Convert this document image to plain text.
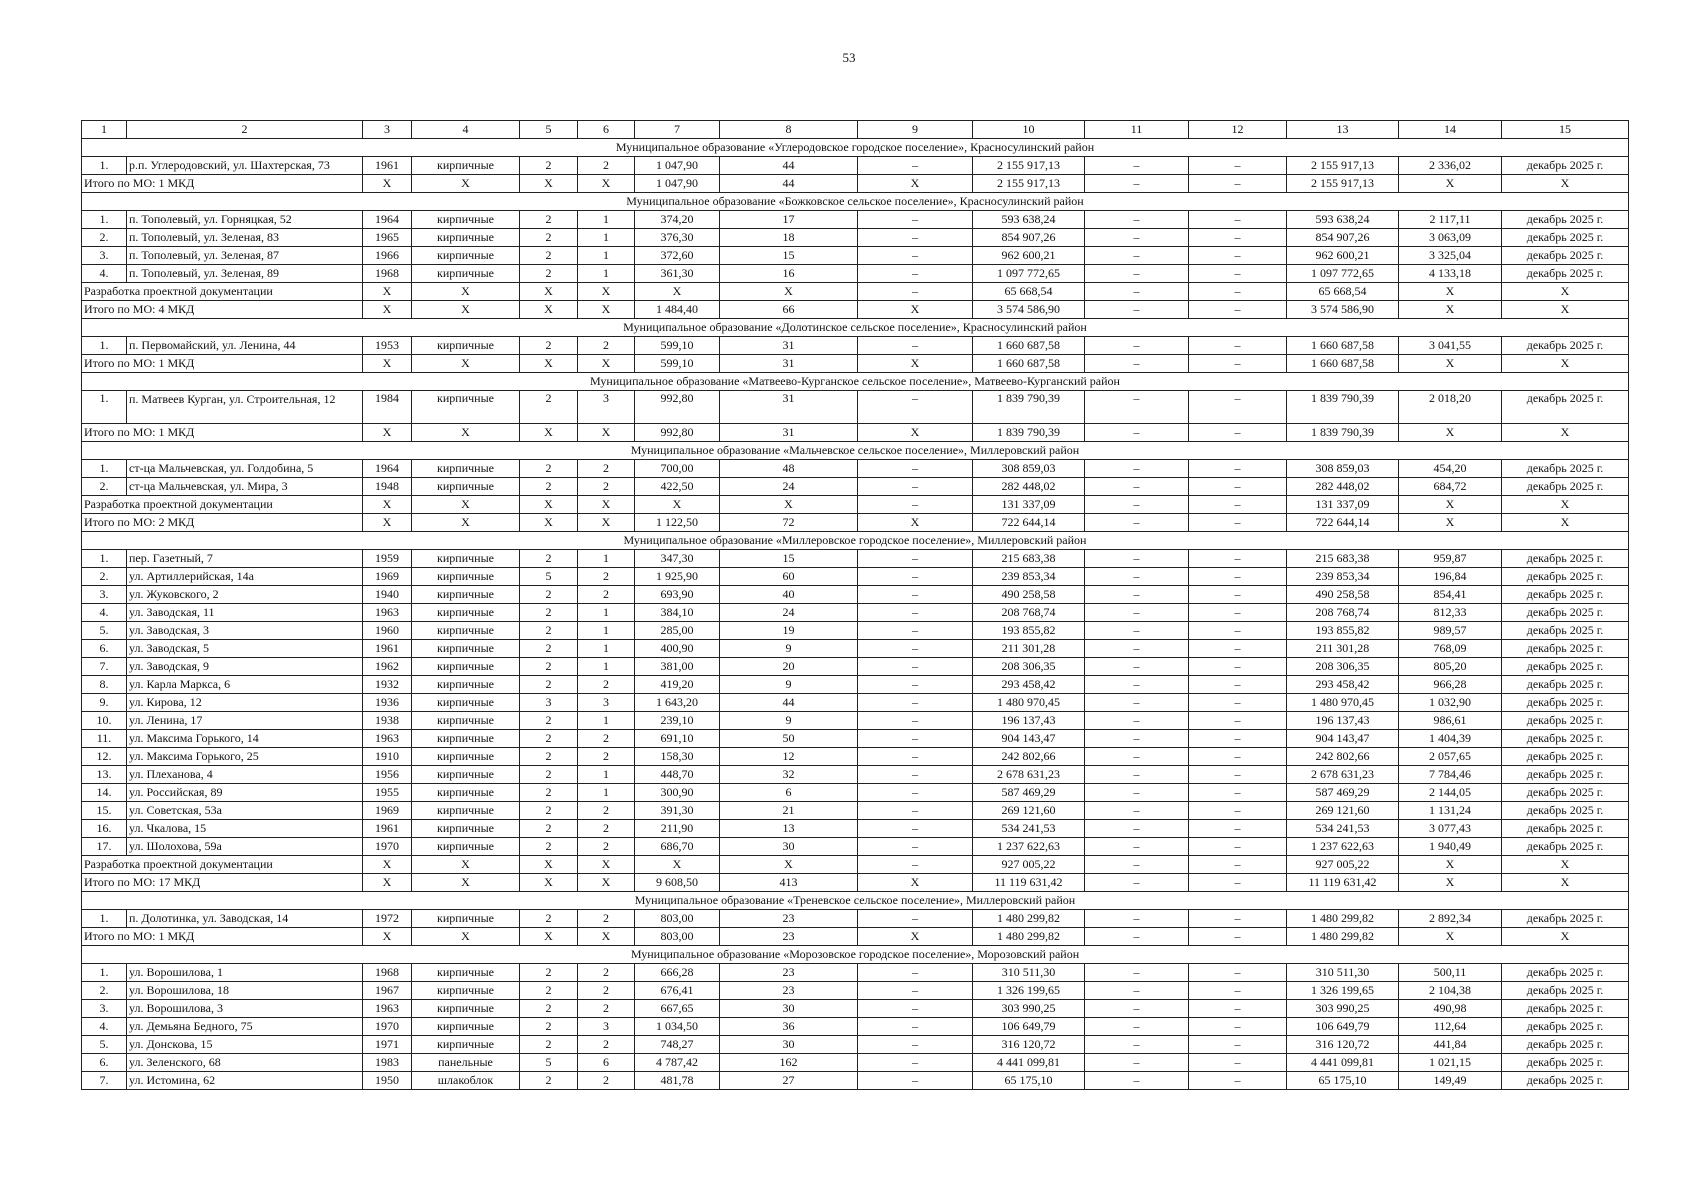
53
1	2	3	4	5	6	7	8	9	10	11	12	13	14	15
Муниципальное образование «Углеродовское городское поселение», Красносулинский район														
1.	р.п. Углеродовский, ул. Шахтерская, 73	1961	кирпичные	2	2	1 047,90	44	–	2 155 917,13	–	–	2 155 917,13	2 336,02	декабрь 2025 г.
Итого по МО: 1 МКД		Х	Х	Х	Х	1 047,90	44	Х	2 155 917,13	–	–	2 155 917,13	Х	Х
Муниципальное образование «Божковское сельское поселение», Красносулинский район														
1.	п. Тополевый, ул. Горняцкая, 52	1964	кирпичные	2	1	374,20	17	–	593 638,24	–	–	593 638,24	2 117,11	декабрь 2025 г.
2.	п. Тополевый, ул. Зеленая, 83	1965	кирпичные	2	1	376,30	18	–	854 907,26	–	–	854 907,26	3 063,09	декабрь 2025 г.
3.	п. Тополевый, ул. Зеленая, 87	1966	кирпичные	2	1	372,60	15	–	962 600,21	–	–	962 600,21	3 325,04	декабрь 2025 г.
4.	п. Тополевый, ул. Зеленая, 89	1968	кирпичные	2	1	361,30	16	–	1 097 772,65	–	–	1 097 772,65	4 133,18	декабрь 2025 г.
Разработка проектной документации		Х	Х	Х	Х	Х	Х	–	65 668,54	–	–	65 668,54	Х	Х
Итого по МО: 4 МКД		Х	Х	Х	Х	1 484,40	66	Х	3 574 586,90	–	–	3 574 586,90	Х	Х
Муниципальное образование «Долотинское сельское поселение», Красносулинский район														
1.	п. Первомайский, ул. Ленина, 44	1953	кирпичные	2	2	599,10	31	–	1 660 687,58	–	–	1 660 687,58	3 041,55	декабрь 2025 г.
Итого по МО: 1 МКД		Х	Х	Х	Х	599,10	31	Х	1 660 687,58	–	–	1 660 687,58	Х	Х
Муниципальное образование «Матвеево-Курганское сельское поселение», Матвеево-Курганский район														
1.	п. Матвеев Курган, ул. Строительная, 12	1984	кирпичные	2	3	992,80	31	–	1 839 790,39	–	–	1 839 790,39	2 018,20	декабрь 2025 г.
Итого по МО: 1 МКД		Х	Х	Х	Х	992,80	31	Х	1 839 790,39	–	–	1 839 790,39	Х	Х
Муниципальное образование «Мальчевское сельское поселение», Миллеровский район														
1.	ст-ца Мальчевская, ул. Голдобина, 5	1964	кирпичные	2	2	700,00	48	–	308 859,03	–	–	308 859,03	454,20	декабрь 2025 г.
2.	ст-ца Мальчевская, ул. Мира, 3	1948	кирпичные	2	2	422,50	24	–	282 448,02	–	–	282 448,02	684,72	декабрь 2025 г.
Разработка проектной документации		Х	Х	Х	Х	Х	Х	–	131 337,09	–	–	131 337,09	Х	Х
Итого по МО: 2 МКД		Х	Х	Х	Х	1 122,50	72	Х	722 644,14	–	–	722 644,14	Х	Х
Муниципальное образование «Миллеровское городское поселение», Миллеровский район														
1.	пер. Газетный, 7	1959	кирпичные	2	1	347,30	15	–	215 683,38	–	–	215 683,38	959,87	декабрь 2025 г.
2.	ул. Артиллерийская, 14а	1969	кирпичные	5	2	1 925,90	60	–	239 853,34	–	–	239 853,34	196,84	декабрь 2025 г.
3.	ул. Жуковского, 2	1940	кирпичные	2	2	693,90	40	–	490 258,58	–	–	490 258,58	854,41	декабрь 2025 г.
4.	ул. Заводская, 11	1963	кирпичные	2	1	384,10	24	–	208 768,74	–	–	208 768,74	812,33	декабрь 2025 г.
5.	ул. Заводская, 3	1960	кирпичные	2	1	285,00	19	–	193 855,82	–	–	193 855,82	989,57	декабрь 2025 г.
6.	ул. Заводская, 5	1961	кирпичные	2	1	400,90	9	–	211 301,28	–	–	211 301,28	768,09	декабрь 2025 г.
7.	ул. Заводская, 9	1962	кирпичные	2	1	381,00	20	–	208 306,35	–	–	208 306,35	805,20	декабрь 2025 г.
8.	ул. Карла Маркса, 6	1932	кирпичные	2	2	419,20	9	–	293 458,42	–	–	293 458,42	966,28	декабрь 2025 г.
9.	ул. Кирова, 12	1936	кирпичные	3	3	1 643,20	44	–	1 480 970,45	–	–	1 480 970,45	1 032,90	декабрь 2025 г.
10.	ул. Ленина, 17	1938	кирпичные	2	1	239,10	9	–	196 137,43	–	–	196 137,43	986,61	декабрь 2025 г.
11.	ул. Максима Горького, 14	1963	кирпичные	2	2	691,10	50	–	904 143,47	–	–	904 143,47	1 404,39	декабрь 2025 г.
12.	ул. Максима Горького, 25	1910	кирпичные	2	2	158,30	12	–	242 802,66	–	–	242 802,66	2 057,65	декабрь 2025 г.
13.	ул. Плеханова, 4	1956	кирпичные	2	1	448,70	32	–	2 678 631,23	–	–	2 678 631,23	7 784,46	декабрь 2025 г.
14.	ул. Российская, 89	1955	кирпичные	2	1	300,90	6	–	587 469,29	–	–	587 469,29	2 144,05	декабрь 2025 г.
15.	ул. Советская, 53а	1969	кирпичные	2	2	391,30	21	–	269 121,60	–	–	269 121,60	1 131,24	декабрь 2025 г.
16.	ул. Чкалова, 15	1961	кирпичные	2	2	211,90	13	–	534 241,53	–	–	534 241,53	3 077,43	декабрь 2025 г.
17.	ул. Шолохова, 59а	1970	кирпичные	2	2	686,70	30	–	1 237 622,63	–	–	1 237 622,63	1 940,49	декабрь 2025 г.
Разработка проектной документации		Х	Х	Х	Х	Х	Х	–	927 005,22	–	–	927 005,22	Х	Х
Итого по МО: 17 МКД		Х	Х	Х	Х	9 608,50	413	Х	11 119 631,42	–	–	11 119 631,42	Х	Х
Муниципальное образование «Треневское сельское поселение», Миллеровский район														
1.	п. Долотинка, ул. Заводская, 14	1972	кирпичные	2	2	803,00	23	–	1 480 299,82	–	–	1 480 299,82	2 892,34	декабрь 2025 г.
Итого по МО: 1 МКД		Х	Х	Х	Х	803,00	23	Х	1 480 299,82	–	–	1 480 299,82	Х	Х
Муниципальное образование «Морозовское городское поселение», Морозовский район														
1.	ул. Ворошилова, 1	1968	кирпичные	2	2	666,28	23	–	310 511,30	–	–	310 511,30	500,11	декабрь 2025 г.
2.	ул. Ворошилова, 18	1967	кирпичные	2	2	676,41	23	–	1 326 199,65	–	–	1 326 199,65	2 104,38	декабрь 2025 г.
3.	ул. Ворошилова, 3	1963	кирпичные	2	2	667,65	30	–	303 990,25	–	–	303 990,25	490,98	декабрь 2025 г.
4.	ул. Демьяна Бедного, 75	1970	кирпичные	2	3	1 034,50	36	–	106 649,79	–	–	106 649,79	112,64	декабрь 2025 г.
5.	ул. Донскова, 15	1971	кирпичные	2	2	748,27	30	–	316 120,72	–	–	316 120,72	441,84	декабрь 2025 г.
6.	ул. Зеленского, 68	1983	панельные	5	6	4 787,42	162	–	4 441 099,81	–	–	4 441 099,81	1 021,15	декабрь 2025 г.
7.	ул. Истомина, 62	1950	шлакоблок	2	2	481,78	27	–	65 175,10	–	–	65 175,10	149,49	декабрь 2025 г.
